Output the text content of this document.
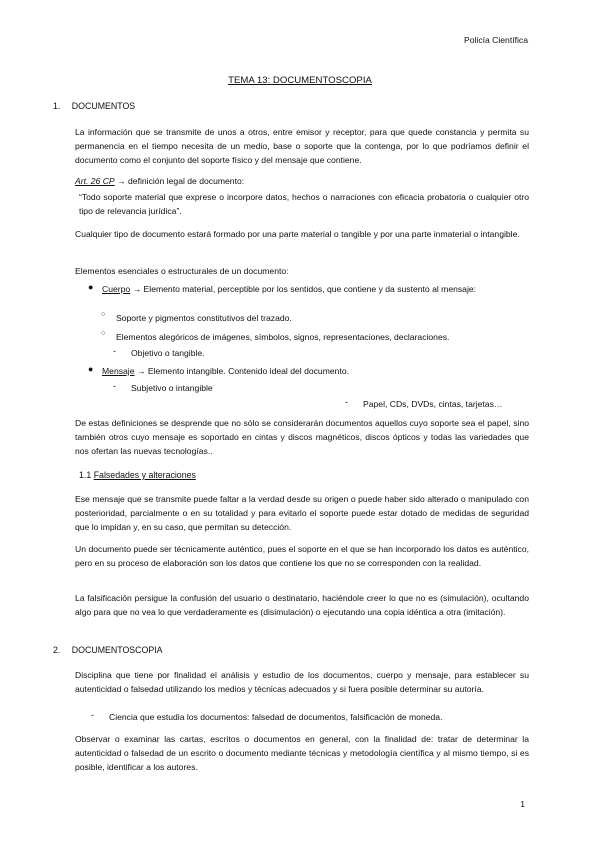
Policía Científica
TEMA 13: DOCUMENTOSCOPIA
1. DOCUMENTOS
La información que se transmite de unos a otros, entre emisor y receptor, para que quede constancia y permita su permanencia en el tiempo necesita de un medio, base o soporte que la contenga, por lo que podríamos definir el documento como el conjunto del soporte físico y del mensaje que contiene.
Art. 26 CP → definición legal de documento:
“Todo soporte material que exprese o incorpore datos, hechos o narraciones con eficacia probatoria o cualquier otro tipo de relevancia jurídica”.
Cualquier tipo de documento estará formado por una parte material o tangible y por una parte inmaterial o intangible.
Elementos esenciales o estructurales de un documento:
● Cuerpo → Elemento material, perceptible por los sentidos, que contiene y da sustento al mensaje:
○ Soporte y pigmentos constitutivos del trazado.
○ Elementos alegóricos de imágenes, símbolos, signos, representaciones, declaraciones.
- Objetivo o tangible.
● Mensaje → Elemento intangible. Contenido ideal del documento.
- Subjetivo o intangible
- Papel, CDs, DVDs, cintas, tarjetas…
De estas definiciones se desprende que no sólo se considerarán documentos aquellos cuyo soporte sea el papel, sino también otros cuyo mensaje es soportado en cintas y discos magnéticos, discos ópticos y todas las variedades que nos ofertan las nuevas tecnologías..
1.1 Falsedades y alteraciones
Ese mensaje que se transmite puede faltar a la verdad desde su origen o puede haber sido alterado o manipulado con posterioridad, parcialmente o en su totalidad y para evitarlo el soporte puede estar dotado de medidas de seguridad que lo impidan y, en su caso, que permitan su detección.
Un documento puede ser técnicamente auténtico, pues el soporte en el que se han incorporado los datos es auténtico, pero en su proceso de elaboración son los datos que contiene los que no se corresponden con la realidad.
La falsificación persigue la confusión del usuario o destinatario, haciéndole creer lo que no es (simulación), ocultando algo para que no vea lo que verdaderamente es (disimulación) o ejecutando una copia idéntica a otra (imitación).
2. DOCUMENTOSCOPIA
Disciplina que tiene por finalidad el análisis y estudio de los documentos, cuerpo y mensaje, para establecer su autenticidad o falsedad utilizando los medios y técnicas adecuados y si fuera posible determinar su autoría.
- Ciencia que estudia los documentos: falsedad de documentos, falsificación de moneda.
Observar o examinar las cartas, escritos o documentos en general, con la finalidad de: tratar de determinar la autenticidad o falsedad de un escrito o documento mediante técnicas y metodología científica y al mismo tiempo, si es posible, identificar a los autores.
1
